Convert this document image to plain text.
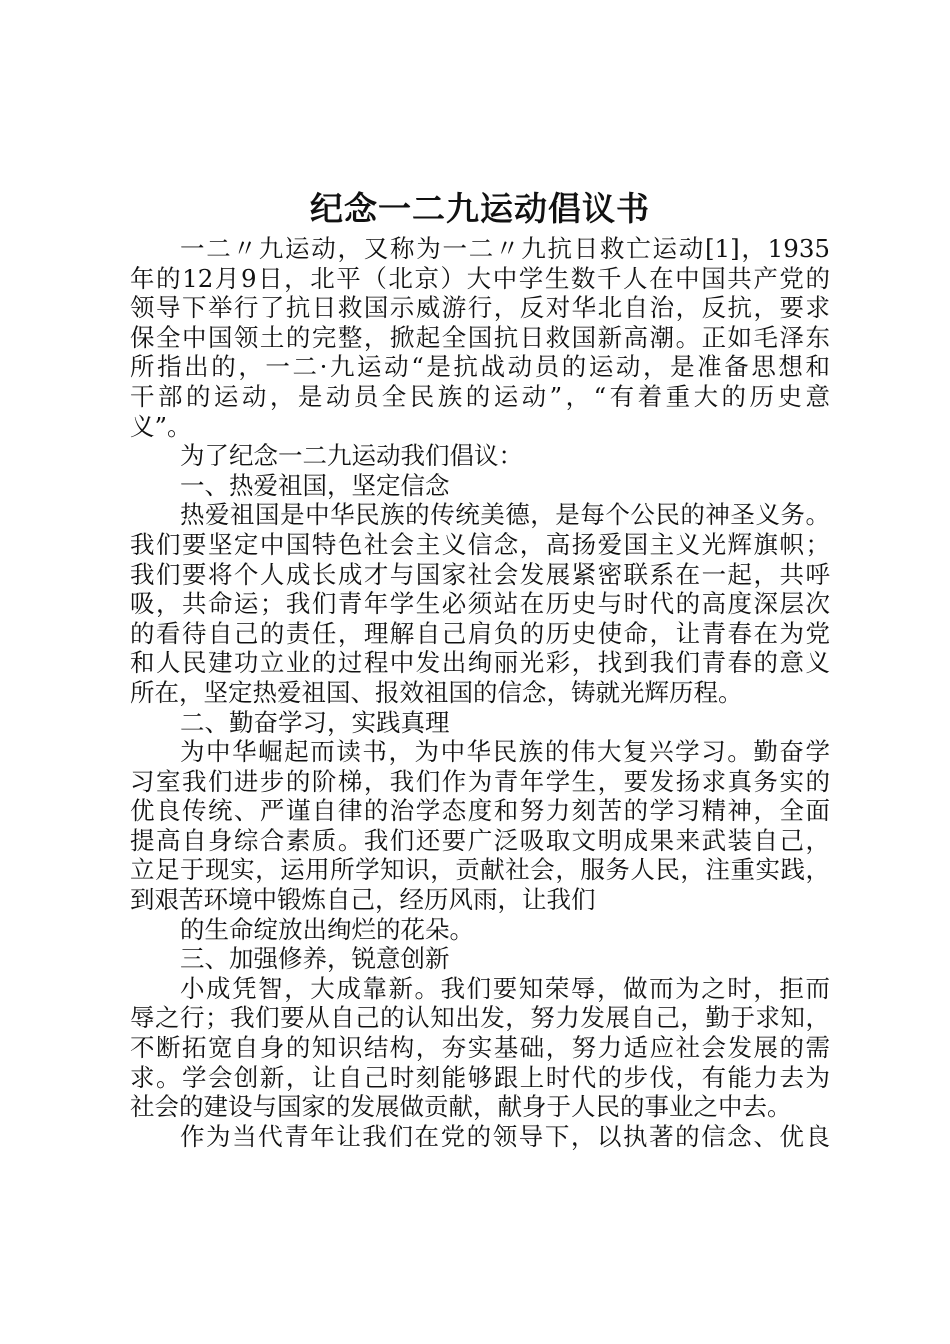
纪念一二九运动倡议书
一二〃九运动，又称为一二〃九抗日救亡运动[1]，1935
年的12月9日，北平（北京）大中学生数千人在中国共产党的
领导下举行了抗日救国示威游行，反对华北自治，反抗，要求
保全中国领土的完整，掀起全国抗日救国新高潮。正如毛泽东
所指出的，一二·九运动“是抗战动员的运动，是准备思想和
干部的运动，是动员全民族的运动”，“有着重大的历史意
义”。
为了纪念一二九运动我们倡议：
一、热爱祖国，坚定信念
热爱祖国是中华民族的传统美德，是每个公民的神圣义务。
我们要坚定中国特色社会主义信念，高扬爱国主义光辉旗帜；
我们要将个人成长成才与国家社会发展紧密联系在一起，共呼
吸，共命运；我们青年学生必须站在历史与时代的高度深层次
的看待自己的责任，理解自己肩负的历史使命，让青春在为党
和人民建功立业的过程中发出绚丽光彩，找到我们青春的意义
所在，坚定热爱祖国、报效祖国的信念，铸就光辉历程。
二、勤奋学习，实践真理
为中华崛起而读书，为中华民族的伟大复兴学习。勤奋学
习室我们进步的阶梯，我们作为青年学生，要发扬求真务实的
优良传统、严谨自律的治学态度和努力刻苦的学习精神，全面
提高自身综合素质。我们还要广泛吸取文明成果来武装自己，
立足于现实，运用所学知识，贡献社会，服务人民，注重实践，
到艰苦环境中锻炼自己，经历风雨，让我们
的生命绽放出绚烂的花朵。
三、加强修养，锐意创新
小成凭智，大成靠新。我们要知荣辱，做而为之时，拒而
辱之行；我们要从自己的认知出发，努力发展自己，勤于求知，
不断拓宽自身的知识结构，夯实基础，努力适应社会发展的需
求。学会创新，让自己时刻能够跟上时代的步伐，有能力去为
社会的建设与国家的发展做贡献，献身于人民的事业之中去。
作为当代青年让我们在党的领导下，以执著的信念、优良
